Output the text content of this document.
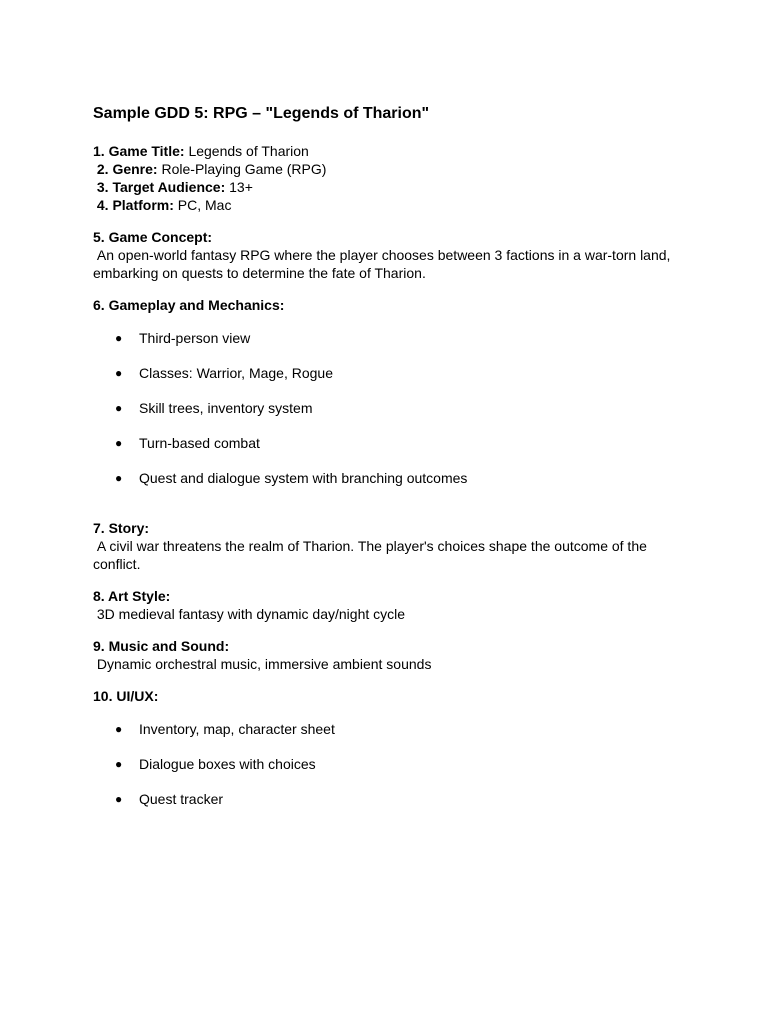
Sample GDD 5: RPG – "Legends of Tharion"
1. Game Title: Legends of Tharion
2. Genre: Role-Playing Game (RPG)
3. Target Audience: 13+
4. Platform: PC, Mac
5. Game Concept:
An open-world fantasy RPG where the player chooses between 3 factions in a war-torn land, embarking on quests to determine the fate of Tharion.
6. Gameplay and Mechanics:
● Third-person view
● Classes: Warrior, Mage, Rogue
● Skill trees, inventory system
● Turn-based combat
● Quest and dialogue system with branching outcomes
7. Story:
A civil war threatens the realm of Tharion. The player's choices shape the outcome of the conflict.
8. Art Style:
3D medieval fantasy with dynamic day/night cycle
9. Music and Sound:
Dynamic orchestral music, immersive ambient sounds
10. UI/UX:
● Inventory, map, character sheet
● Dialogue boxes with choices
● Quest tracker
